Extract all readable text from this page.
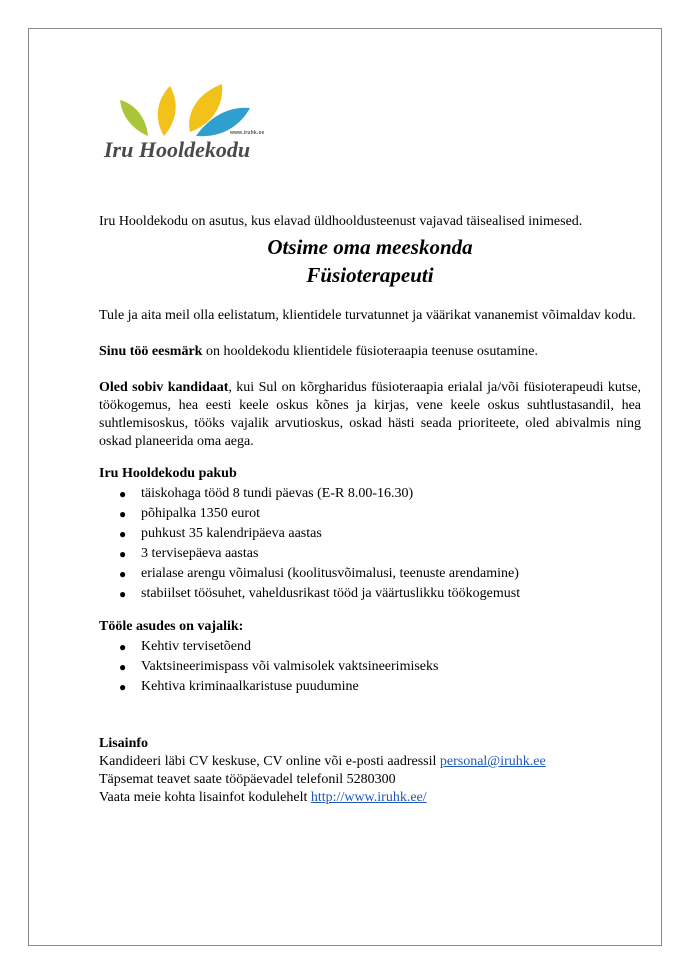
www.iruhk.ee
Iru Hooldekodu

Iru Hooldekodu on asutus, kus elavad üldhooldusteenust vajavad täisealised inimesed.

Otsime oma meeskonda
Füsioterapeuti

Tule ja aita meil olla eelistatum, klientidele turvatunnet ja väärikat vananemist võimaldav kodu.

Sinu töö eesmärk on hooldekodu klientidele füsioteraapia teenuse osutamine.

Oled sobiv kandidaat, kui Sul on kõrgharidus füsioteraapia erialal ja/või füsioterapeudi kutse, töökogemus, hea eesti keele oskus kõnes ja kirjas, vene keele oskus suhtlustasandil, hea suhtlemisoskus, tööks vajalik arvutioskus, oskad hästi seada prioriteete, oled abivalmis ning oskad planeerida oma aega.

Iru Hooldekodu pakub
● täiskohaga tööd 8 tundi päevas (E-R 8.00-16.30)
● põhipalka 1350 eurot
● puhkust 35 kalendripäeva aastas
● 3 tervisepäeva aastas
● erialase arengu võimalusi (koolitusvõimalusi, teenuste arendamine)
● stabiilset töösuhet, vaheldusrikast tööd ja väärtuslikku töökogemust
Tööle asudes on vajalik:
● Kehtiv tervisetõend
● Vaktsineerimispass või valmisolek vaktsineerimiseks
● Kehtiva kriminaalkaristuse puudumine
Lisainfo
Kandideeri läbi CV keskuse, CV online või e-posti aadressil personal@iruhk.ee
Täpsemat teavet saate tööpäevadel telefonil 5280300
Vaata meie kohta lisainfot kodulehelt http://www.iruhk.ee/
